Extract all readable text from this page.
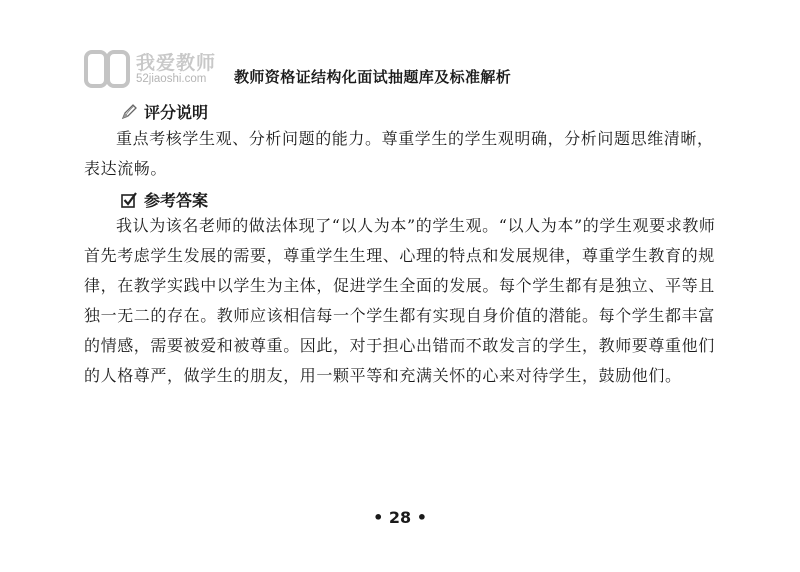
我爱教师
52jiaoshi.com 教师资格证结构化面试抽题库及标准解析
评分说明

重点考核学生观、分析问题的能力。尊重学生的学生观明确，分析问题思维清晰，表达流畅。

参考答案

我认为该名老师的做法体现了“以人为本”的学生观。“以人为本”的学生观要求教师首先考虑学生发展的需要，尊重学生生理、心理的特点和发展规律，尊重学生教育的规律，在教学实践中以学生为主体，促进学生全面的发展。每个学生都有是独立、平等且独一无二的存在。教师应该相信每一个学生都有实现自身价值的潜能。每个学生都丰富的情感，需要被爱和被尊重。因此，对于担心出错而不敢发言的学生，教师要尊重他们的人格尊严，做学生的朋友，用一颗平等和充满关怀的心来对待学生，鼓励他们。

• 28 •
